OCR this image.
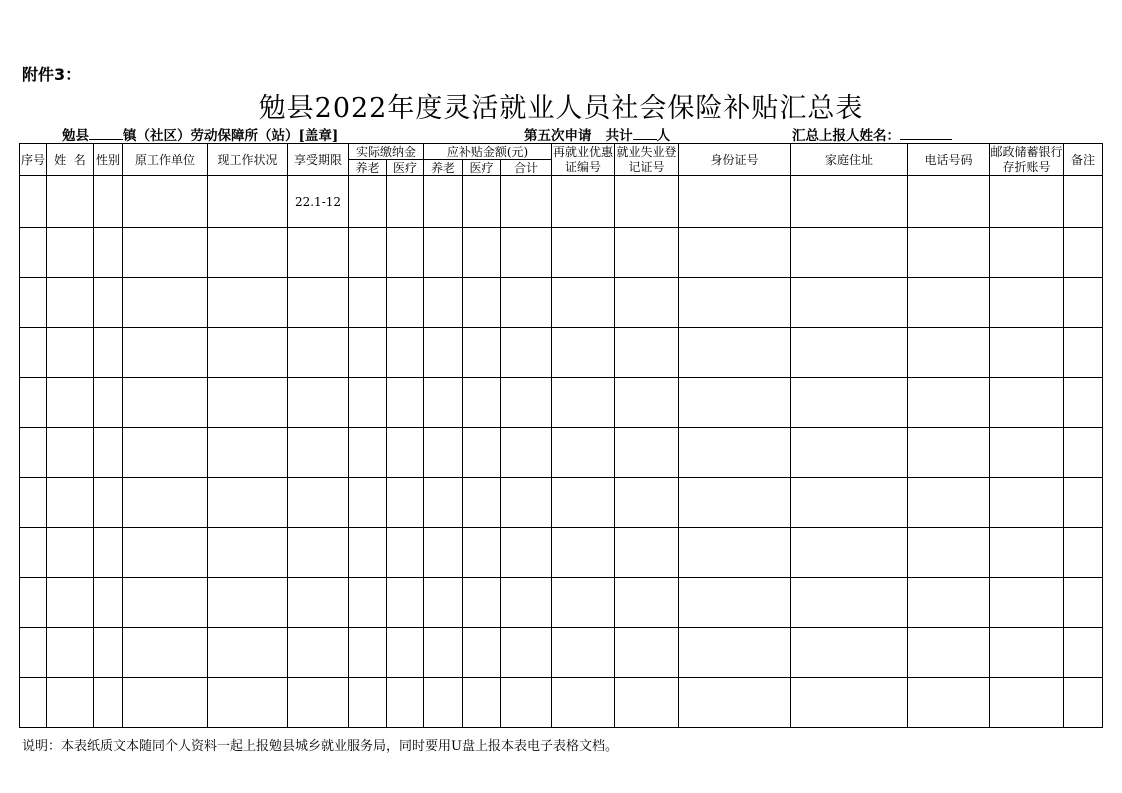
附件3：
勉县2022年度灵活就业人员社会保险补贴汇总表
勉县	镇（社区）劳动保障所（站）[盖章]	第五次申请 共计 人	汇总上报人姓名：
序号	姓  名	性别	原工作单位	现工作状况	享受期限	实际缴纳金		应补贴金额(元)			再就业优惠证编号	就业失业登记证号	身份证号	家庭住址	电话号码	邮政储蓄银行存折账号	备注
						养老	医疗	养老	医疗	合计							
					22.1-12												

说明：本表纸质文本随同个人资料一起上报勉县城乡就业服务局，同时要用U盘上报本表电子表格文档。
